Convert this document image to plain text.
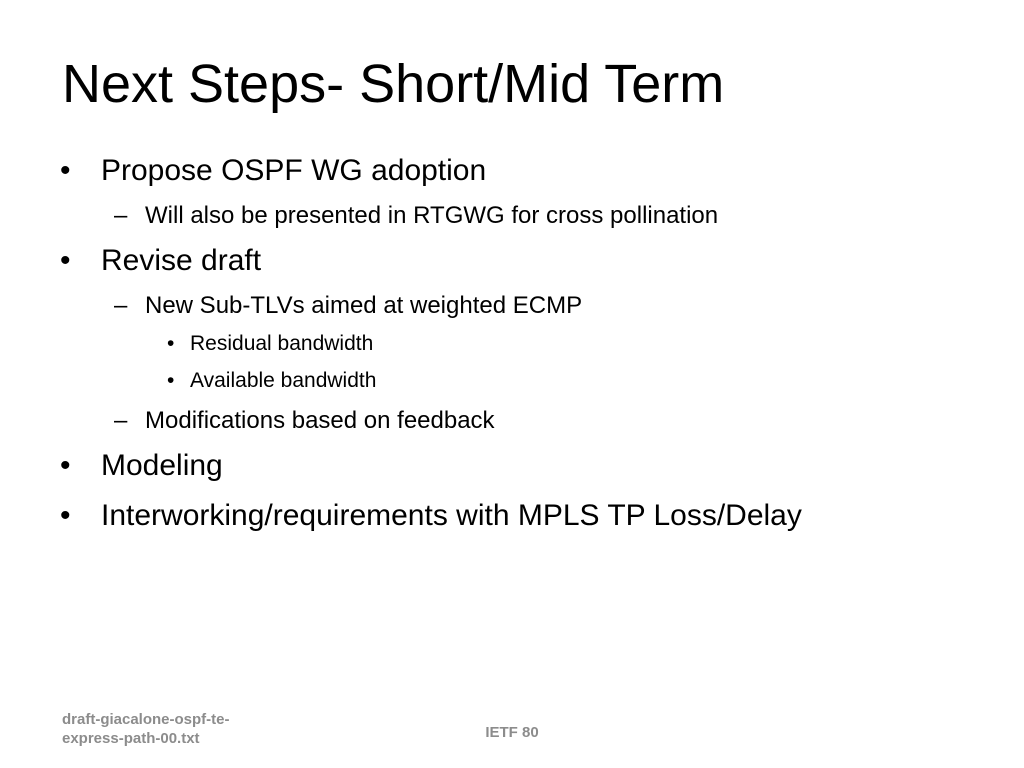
Next Steps- Short/Mid Term
• Propose OSPF WG adoption
– Will also be presented in RTGWG for cross pollination
• Revise draft
– New Sub-TLVs aimed at weighted ECMP
• Residual bandwidth
• Available bandwidth
– Modifications based on feedback
• Modeling
• Interworking/requirements with MPLS TP Loss/Delay
draft-giacalone-ospf-te-
express-path-00.txt	IETF 80
